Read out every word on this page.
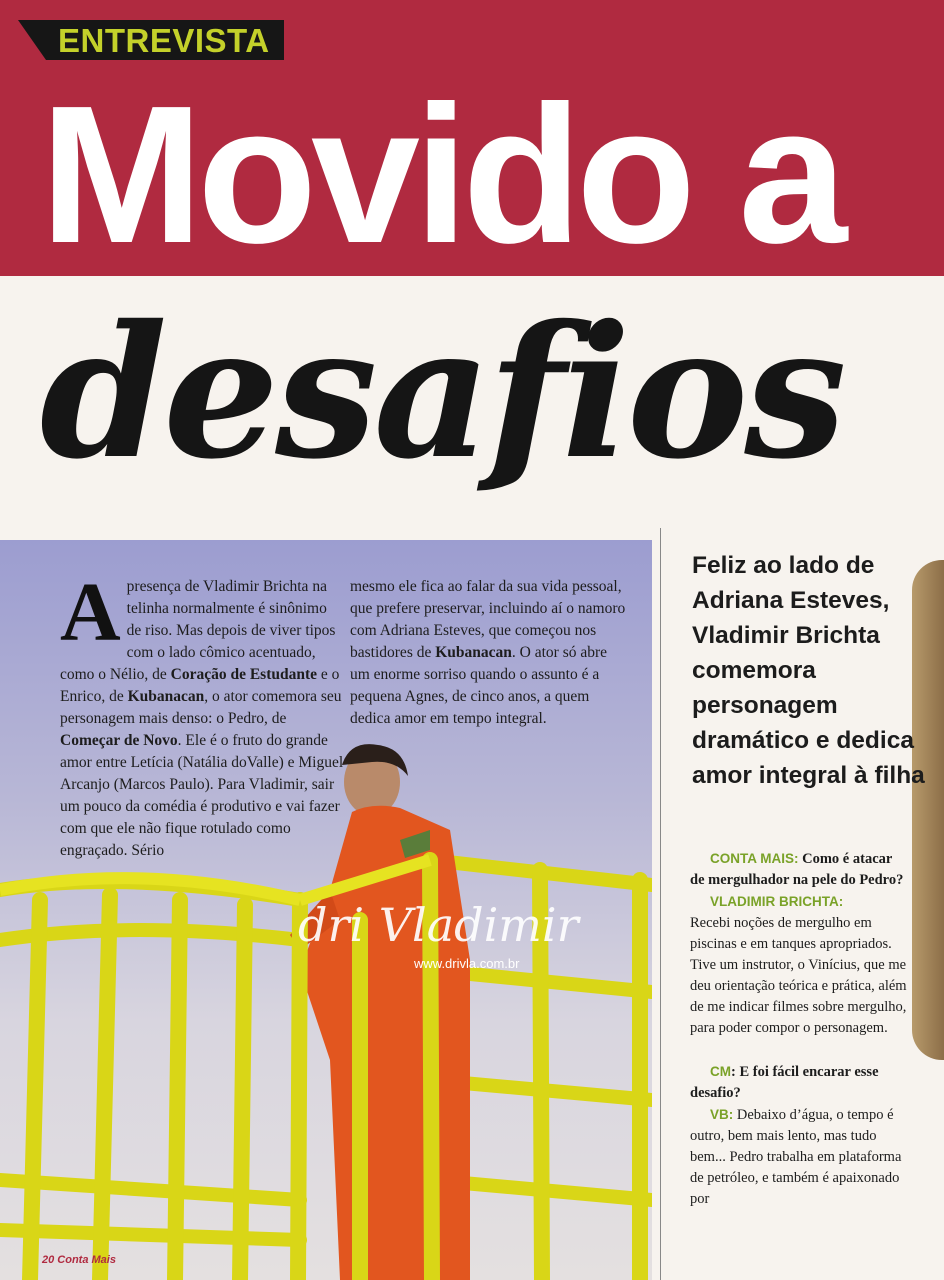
ENTREVISTA
Movido a
desafios
A presença de Vladimir Brichta na telinha normalmente é sinônimo de riso. Mas depois de viver tipos com o lado cômico acentuado, como o Nélio, de Coração de Estudante e o Enrico, de Kubanacan, o ator comemora seu personagem mais denso: o Pedro, de Começar de Novo. Ele é o fruto do grande amor entre Letícia (Natália doValle) e Miguel Arcanjo (Marcos Paulo). Para Vladimir, sair um pouco da comédia é produtivo e vai fazer com que ele não fique rotulado como engraçado. Sério
mesmo ele fica ao falar da sua vida pessoal, que prefere preservar, incluindo aí o namoro com Adriana Esteves, que começou nos bastidores de Kubanacan. O ator só abre um enorme sorriso quando o assunto é a pequena Agnes, de cinco anos, a quem dedica amor em tempo integral.
dri Vladimir
www.drivla.com.br
Feliz ao lado de Adriana Esteves, Vladimir Brichta comemora personagem dramático e dedica amor integral à filha

CONTA MAIS: Como é atacar de mergulhador na pele do Pedro?
VLADIMIR BRICHTA:
Recebi noções de mergulho em piscinas e em tanques apropriados. Tive um instrutor, o Vinícius, que me deu orientação teórica e prática, além de me indicar filmes sobre mergulho, para poder compor o personagem.

CM: E foi fácil encarar esse desafio?
VB: Debaixo d’água, o tempo é outro, bem mais lento, mas tudo bem... Pedro trabalha em plataforma de petróleo, e também é apaixonado por

20 Conta Mais
